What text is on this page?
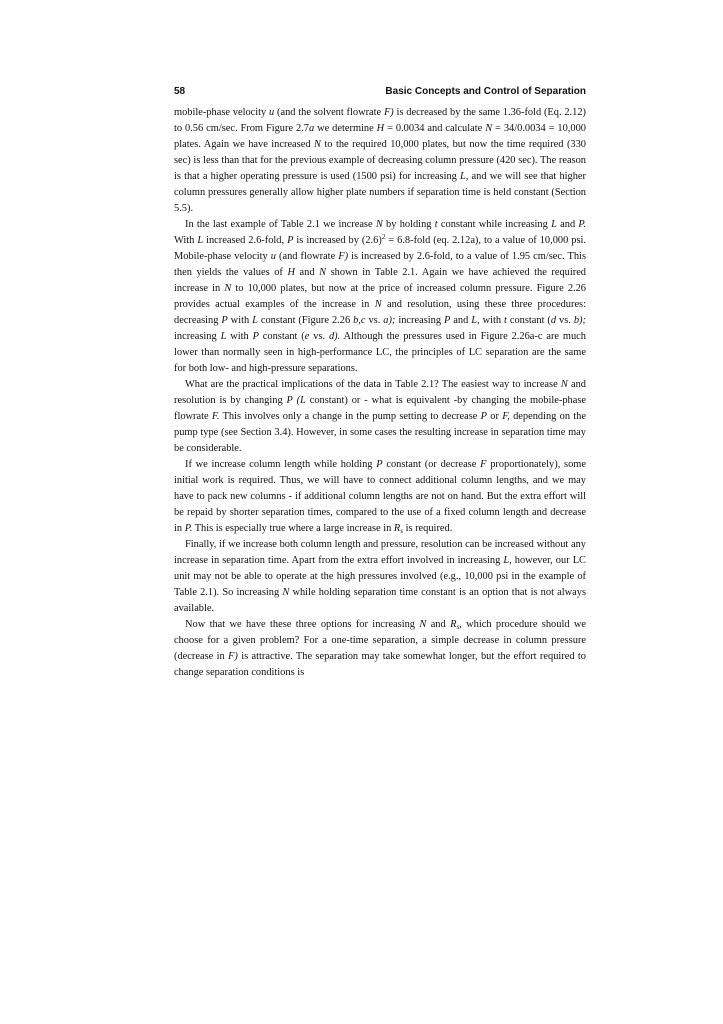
58	Basic Concepts and Control of Separation

mobile-phase velocity u (and the solvent flowrate F) is decreased by the same 1.36-fold (Eq. 2.12) to 0.56 cm/sec. From Figure 2.7a we determine H = 0.0034 and calculate N = 34/0.0034 = 10,000 plates. Again we have increased N to the required 10,000 plates, but now the time required (330 sec) is less than that for the previous example of decreasing column pressure (420 sec). The reason is that a higher operating pressure is used (1500 psi) for increasing L, and we will see that higher column pressures generally allow higher plate numbers if separation time is held constant (Section 5.5).

In the last example of Table 2.1 we increase N by holding t constant while increasing L and P. With L increased 2.6-fold, P is increased by $(2.6)^2$ = 6.8-fold (eq. 2.12a), to a value of 10,000 psi. Mobile-phase velocity u (and flowrate F) is increased by 2.6-fold, to a value of 1.95 cm/sec. This then yields the values of H and N shown in Table 2.1. Again we have achieved the required increase in N to 10,000 plates, but now at the price of increased column pressure. Figure 2.26 provides actual examples of the increase in N and resolution, using these three procedures: decreasing P with L constant (Figure 2.26 b,c vs. a); increasing P and L, with t constant (d vs. b); increasing L with P constant (e vs. d). Although the pressures used in Figure 2.26a-c are much lower than normally seen in high-performance LC, the principles of LC separation are the same for both low- and high-pressure separations.

What are the practical implications of the data in Table 2.1? The easiest way to increase N and resolution is by changing P (L constant) or - what is equivalent -by changing the mobile-phase flowrate F. This involves only a change in the pump setting to decrease P or F, depending on the pump type (see Section 3.4). However, in some cases the resulting increase in separation time may be considerable.

If we increase column length while holding P constant (or decrease F proportionately), some initial work is required. Thus, we will have to connect additional column lengths, and we may have to pack new columns - if additional column lengths are not on hand. But the extra effort will be repaid by shorter separation times, compared to the use of a fixed column length and decrease in P. This is especially true where a large increase in $R_s$ is required.

Finally, if we increase both column length and pressure, resolution can be increased without any increase in separation time. Apart from the extra effort involved in increasing L, however, our LC unit may not be able to operate at the high pressures involved (e.g., 10,000 psi in the example of Table 2.1). So increasing N while holding separation time constant is an option that is not always available.

Now that we have these three options for increasing N and $R_s$, which procedure should we choose for a given problem? For a one-time separation, a simple decrease in column pressure (decrease in F) is attractive. The separation may take somewhat longer, but the effort required to change separation conditions is
